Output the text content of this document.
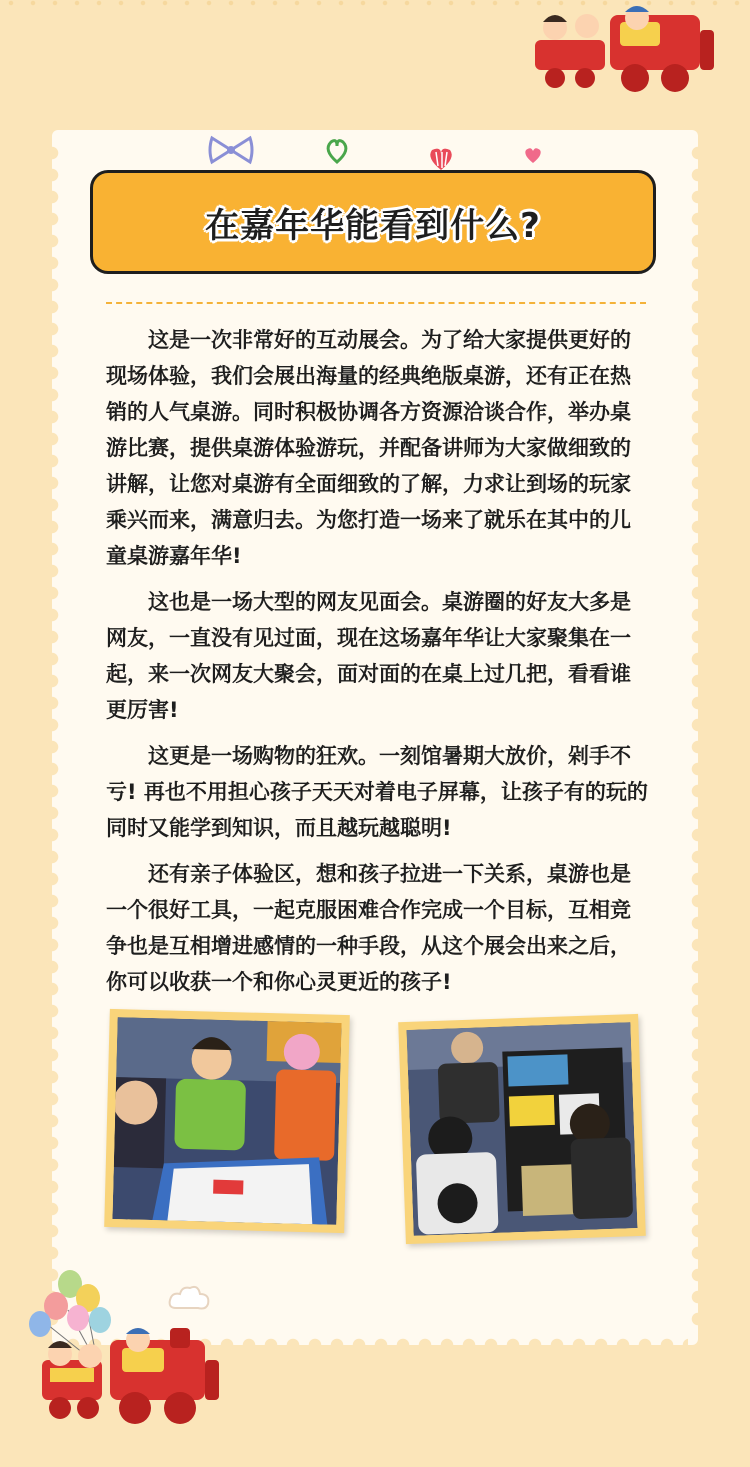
在嘉年华能看到什么?

这是一次非常好的互动展会。为了给大家提供更好的现场体验，我们会展出海量的经典绝版桌游，还有正在热销的人气桌游。同时积极协调各方资源洽谈合作，举办桌游比赛，提供桌游体验游玩，并配备讲师为大家做细致的讲解，让您对桌游有全面细致的了解，力求让到场的玩家乘兴而来，满意归去。为您打造一场来了就乐在其中的儿童桌游嘉年华!

这也是一场大型的网友见面会。桌游圈的好友大多是网友，一直没有见过面，现在这场嘉年华让大家聚集在一起，来一次网友大聚会，面对面的在桌上过几把，看看谁更厉害!

这更是一场购物的狂欢。一刻馆暑期大放价，剁手不亏! 再也不用担心孩子天天对着电子屏幕，让孩子有的玩的同时又能学到知识，而且越玩越聪明!

还有亲子体验区，想和孩子拉进一下关系，桌游也是一个很好工具，一起克服困难合作完成一个目标，互相竞争也是互相增进感情的一种手段，从这个展会出来之后，你可以收获一个和你心灵更近的孩子!
